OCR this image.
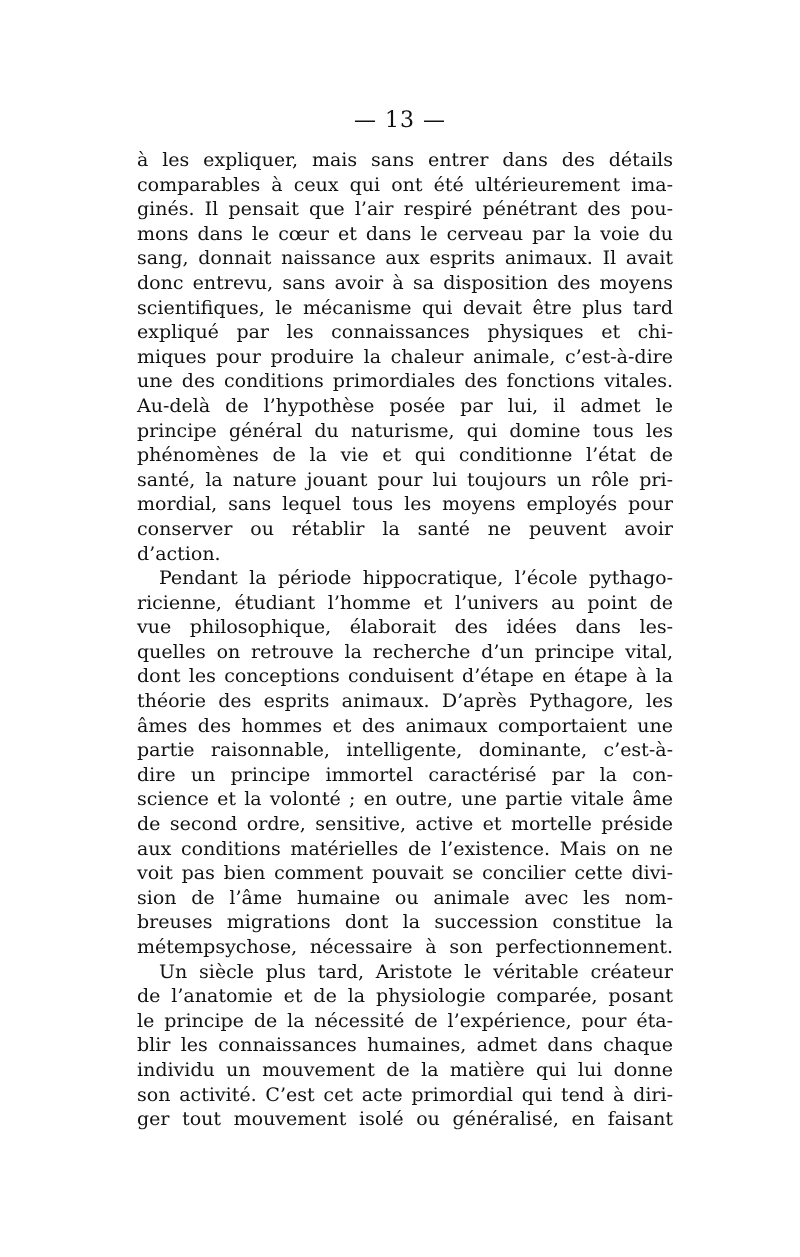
— 13 —
à les expliquer, mais sans entrer dans des détails
comparables à ceux qui ont été ultérieurement ima-
ginés. Il pensait que l’air respiré pénétrant des pou-
mons dans le cœur et dans le cerveau par la voie du
sang, donnait naissance aux esprits animaux. Il avait
donc entrevu, sans avoir à sa disposition des moyens
scientifiques, le mécanisme qui devait être plus tard
expliqué par les connaissances physiques et chi-
miques pour produire la chaleur animale, c’est-à-dire
une des conditions primordiales des fonctions vitales.
Au-delà de l’hypothèse posée par lui, il admet le
principe général du naturisme, qui domine tous les
phénomènes de la vie et qui conditionne l’état de
santé, la nature jouant pour lui toujours un rôle pri-
mordial, sans lequel tous les moyens employés pour
conserver ou rétablir la santé ne peuvent avoir
d’action.
Pendant la période hippocratique, l’école pythago-
ricienne, étudiant l’homme et l’univers au point de
vue philosophique, élaborait des idées dans les-
quelles on retrouve la recherche d’un principe vital,
dont les conceptions conduisent d’étape en étape à la
théorie des esprits animaux. D’après Pythagore, les
âmes des hommes et des animaux comportaient une
partie raisonnable, intelligente, dominante, c’est-à-
dire un principe immortel caractérisé par la con-
science et la volonté ; en outre, une partie vitale âme
de second ordre, sensitive, active et mortelle préside
aux conditions matérielles de l’existence. Mais on ne
voit pas bien comment pouvait se concilier cette divi-
sion de l’âme humaine ou animale avec les nom-
breuses migrations dont la succession constitue la
métempsychose, nécessaire à son perfectionnement.
Un siècle plus tard, Aristote le véritable créateur
de l’anatomie et de la physiologie comparée, posant
le principe de la nécessité de l’expérience, pour éta-
blir les connaissances humaines, admet dans chaque
individu un mouvement de la matière qui lui donne
son activité. C’est cet acte primordial qui tend à diri-
ger tout mouvement isolé ou généralisé, en faisant
